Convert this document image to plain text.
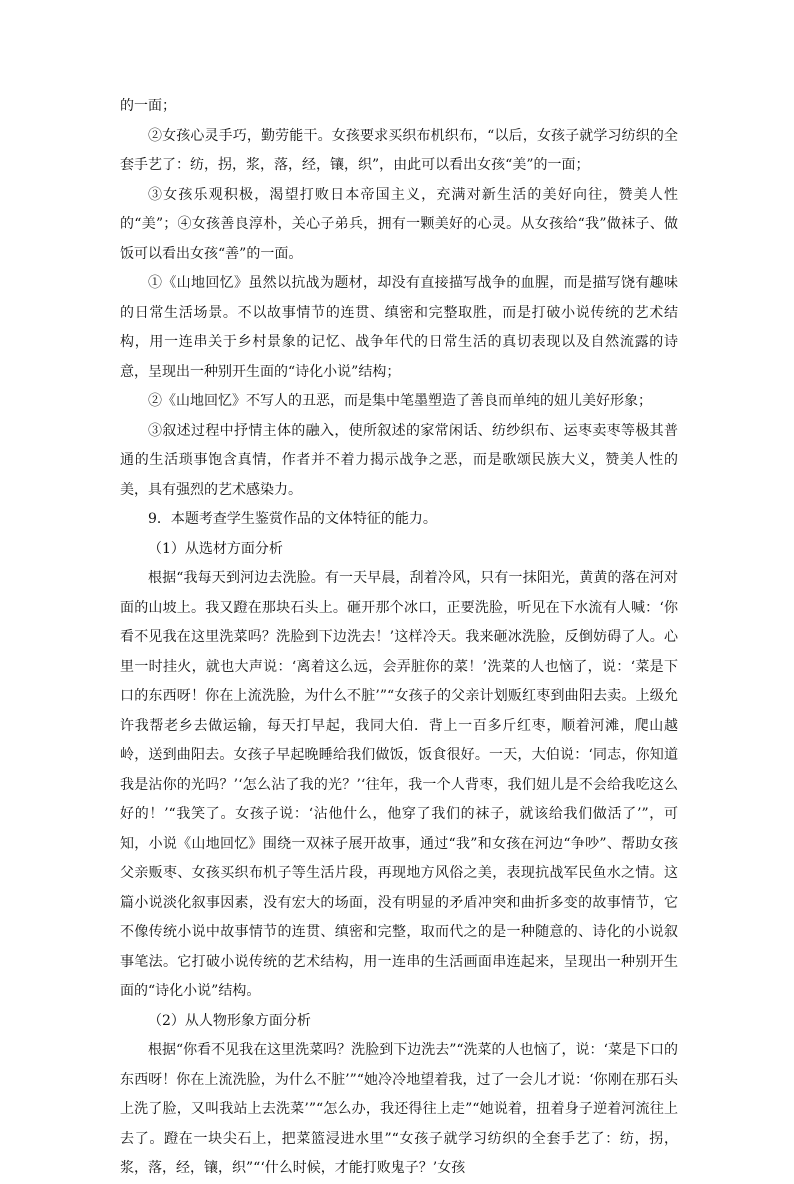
的一面；

②女孩心灵手巧，勤劳能干。女孩要求买织布机织布，“以后，女孩子就学习纺织的全套手艺了：纺，拐，浆，落，经，镶，织”，由此可以看出女孩“美”的一面；

③女孩乐观积极，渴望打败日本帝国主义，充满对新生活的美好向往，赞美人性的“美”；④女孩善良淳朴，关心子弟兵，拥有一颗美好的心灵。从女孩给“我”做袜子、做饭可以看出女孩“善”的一面。

①《山地回忆》虽然以抗战为题材，却没有直接描写战争的血腥，而是描写饶有趣味的日常生活场景。不以故事情节的连贯、缜密和完整取胜，而是打破小说传统的艺术结构，用一连串关于乡村景象的记忆、战争年代的日常生活的真切表现以及自然流露的诗意，呈现出一种别开生面的“诗化小说”结构；

②《山地回忆》不写人的丑恶，而是集中笔墨塑造了善良而单纯的妞儿美好形象；

③叙述过程中抒情主体的融入，使所叙述的家常闲话、纺纱织布、运枣卖枣等极其普通的生活琐事饱含真情，作者并不着力揭示战争之恶，而是歌颂民族大义，赞美人性的美，具有强烈的艺术感染力。

9．本题考查学生鉴赏作品的文体特征的能力。

（1）从选材方面分析

根据“我每天到河边去洗脸。有一天早晨，刮着冷风，只有一抹阳光，黄黄的落在河对面的山坡上。我又蹬在那块石头上。砸开那个冰口，正要洗脸，听见在下水流有人喊：‘你看不见我在这里洗菜吗？洗脸到下边洗去！’这样冷天。我来砸冰洗脸，反倒妨碍了人。心里一时挂火，就也大声说：‘离着这么远，会弄脏你的菜！’洗菜的人也恼了，说：‘菜是下口的东西呀！你在上流洗脸，为什么不脏’”“女孩子的父亲计划贩红枣到曲阳去卖。上级允许我帮老乡去做运输，每天打早起，我同大伯．背上一百多斤红枣，顺着河滩，爬山越岭，送到曲阳去。女孩子早起晚睡给我们做饭，饭食很好。一天，大伯说：‘同志，你知道我是沾你的光吗？’‘怎么沾了我的光？’‘往年，我一个人背枣，我们妞儿是不会给我吃这么好的！’“我笑了。女孩子说：‘沾他什么，他穿了我们的袜子，就该给我们做活了’”，可知，小说《山地回忆》围绕一双袜子展开故事，通过“我”和女孩在河边“争吵”、帮助女孩父亲贩枣、女孩买织布机子等生活片段，再现地方风俗之美，表现抗战军民鱼水之情。这篇小说淡化叙事因素，没有宏大的场面，没有明显的矛盾冲突和曲折多变的故事情节，它不像传统小说中故事情节的连贯、缜密和完整，取而代之的是一种随意的、诗化的小说叙事笔法。它打破小说传统的艺术结构，用一连串的生活画面串连起来，呈现出一种别开生面的“诗化小说”结构。

（2）从人物形象方面分析

根据“你看不见我在这里洗菜吗？洗脸到下边洗去”“洗菜的人也恼了，说：‘菜是下口的东西呀！你在上流洗脸，为什么不脏’”“她冷冷地望着我，过了一会儿才说：‘你刚在那石头上洗了脸，又叫我站上去洗菜’”“怎么办，我还得往上走”“她说着，扭着身子逆着河流往上去了。蹬在一块尖石上，把菜篮浸进水里”“女孩子就学习纺织的全套手艺了：纺，拐，浆，落，经，镶，织”“‘什么时候，才能打败鬼子？’女孩
